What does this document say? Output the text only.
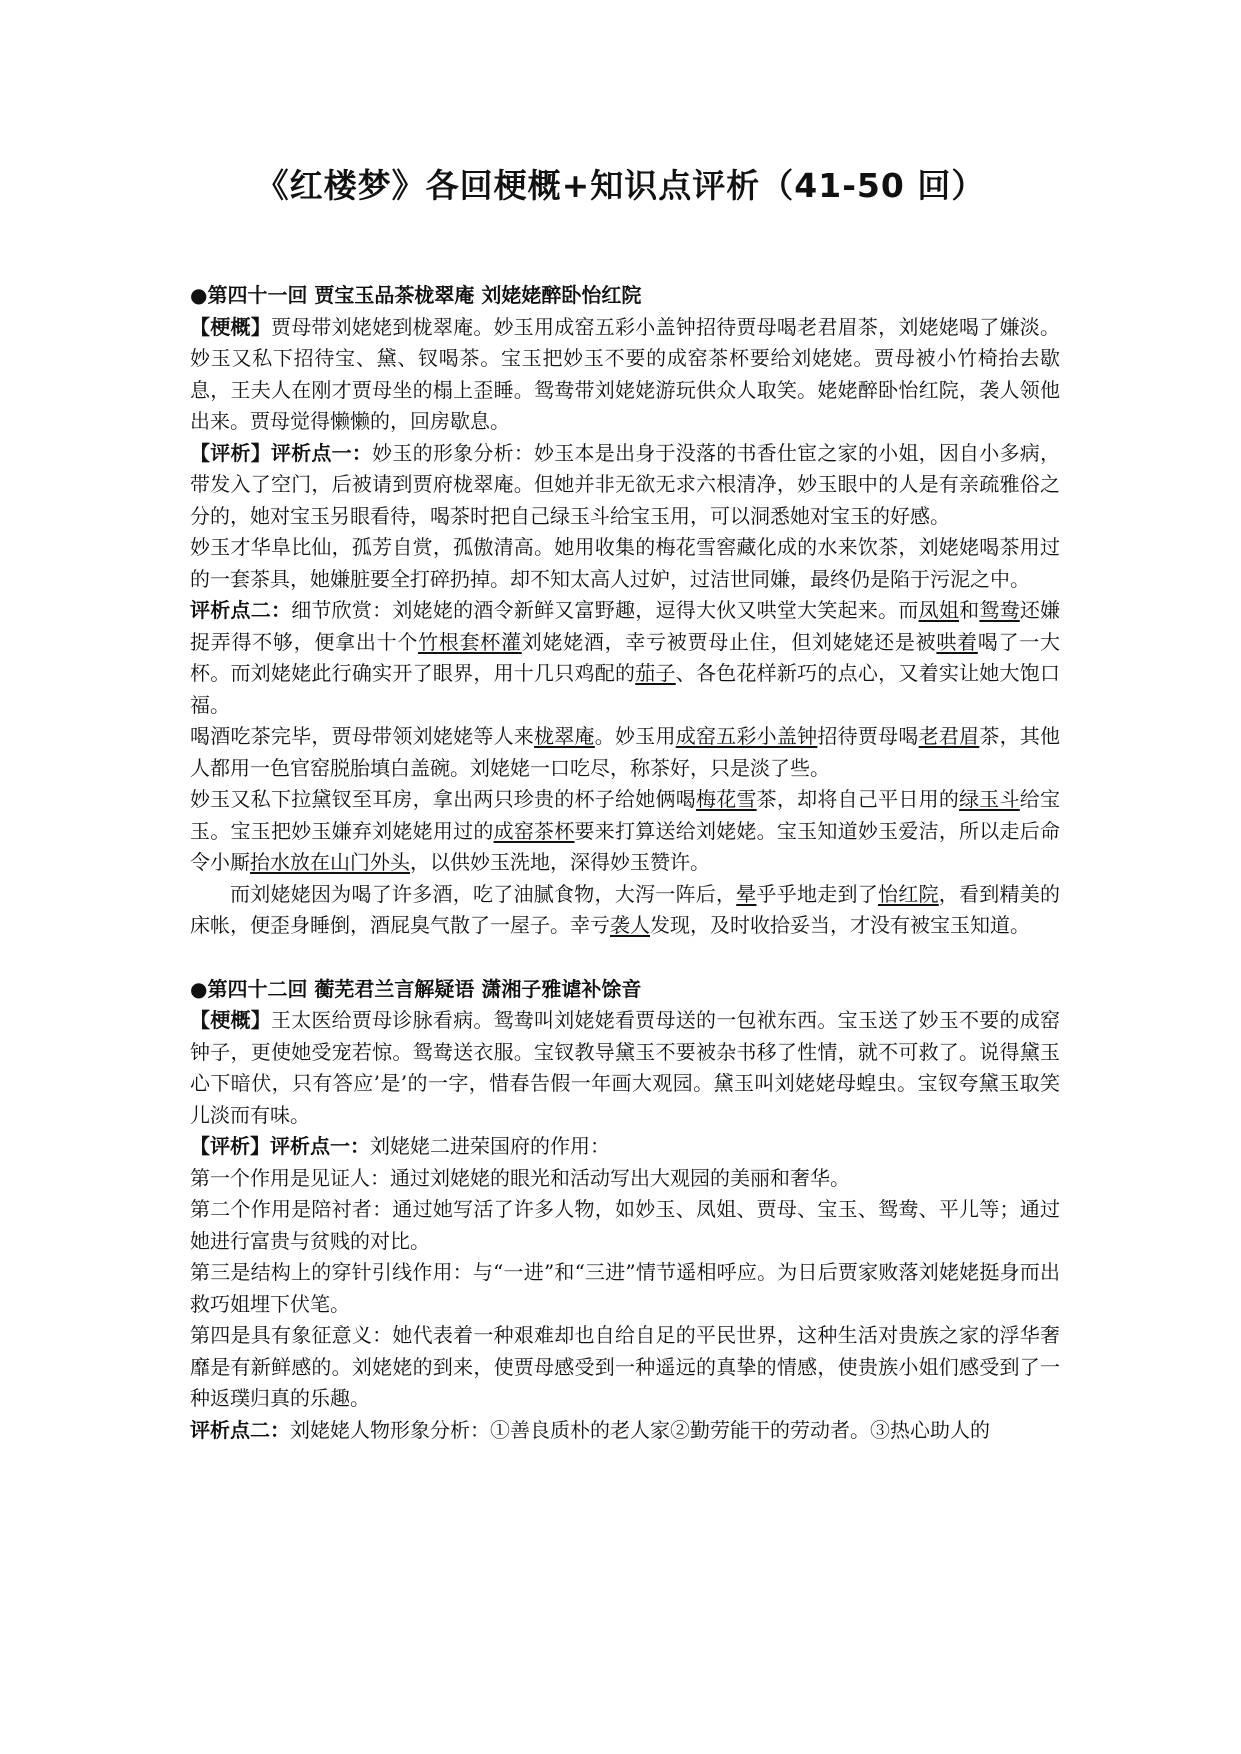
《红楼梦》各回梗概+知识点评析（41-50 回）

●第四十一回 贾宝玉品茶栊翠庵 刘姥姥醉卧怡红院

【梗概】贾母带刘姥姥到栊翠庵。妙玉用成窑五彩小盖钟招待贾母喝老君眉茶，刘姥姥喝了嫌淡。妙玉又私下招待宝、黛、钗喝茶。宝玉把妙玉不要的成窑茶杯要给刘姥姥。贾母被小竹椅抬去歇息，王夫人在刚才贾母坐的榻上歪睡。鸳鸯带刘姥姥游玩供众人取笑。姥姥醉卧怡红院，袭人领他出来。贾母觉得懒懒的，回房歇息。

【评析】评析点一：妙玉的形象分析：妙玉本是出身于没落的书香仕宦之家的小姐，因自小多病，带发入了空门，后被请到贾府栊翠庵。但她并非无欲无求六根清净，妙玉眼中的人是有亲疏雅俗之分的，她对宝玉另眼看待，喝茶时把自己绿玉斗给宝玉用，可以洞悉她对宝玉的好感。

妙玉才华阜比仙，孤芳自赏，孤傲清高。她用收集的梅花雪窖藏化成的水来饮茶，刘姥姥喝茶用过的一套茶具，她嫌脏要全打碎扔掉。却不知太高人过妒，过洁世同嫌，最终仍是陷于污泥之中。

评析点二：细节欣赏：刘姥姥的酒令新鲜又富野趣，逗得大伙又哄堂大笑起来。而凤姐和鸳鸯还嫌捉弄得不够，便拿出十个竹根套杯灌刘姥姥酒，幸亏被贾母止住，但刘姥姥还是被哄着喝了一大杯。而刘姥姥此行确实开了眼界，用十几只鸡配的茄子、各色花样新巧的点心，又着实让她大饱口福。

喝酒吃茶完毕，贾母带领刘姥姥等人来栊翠庵。妙玉用成窑五彩小盖钟招待贾母喝老君眉茶，其他人都用一色官窑脱胎填白盖碗。刘姥姥一口吃尽，称茶好，只是淡了些。

妙玉又私下拉黛钗至耳房，拿出两只珍贵的杯子给她俩喝梅花雪茶，却将自己平日用的绿玉斗给宝玉。宝玉把妙玉嫌弃刘姥姥用过的成窑茶杯要来打算送给刘姥姥。宝玉知道妙玉爱洁，所以走后命令小厮抬水放在山门外头，以供妙玉洗地，深得妙玉赞许。

而刘姥姥因为喝了许多酒，吃了油腻食物，大泻一阵后，晕乎乎地走到了怡红院，看到精美的床帐，便歪身睡倒，酒屁臭气散了一屋子。幸亏袭人发现，及时收拾妥当，才没有被宝玉知道。

●第四十二回 蘅芜君兰言解疑语 潇湘子雅谑补馀音

【梗概】王太医给贾母诊脉看病。鸳鸯叫刘姥姥看贾母送的一包袱东西。宝玉送了妙玉不要的成窑钟子，更使她受宠若惊。鸳鸯送衣服。宝钗教导黛玉不要被杂书移了性情，就不可救了。说得黛玉心下暗伏，只有答应’是’的一字，惜春告假一年画大观园。黛玉叫刘姥姥母蝗虫。宝钗夸黛玉取笑儿淡而有味。

【评析】评析点一：刘姥姥二进荣国府的作用：

第一个作用是见证人：通过刘姥姥的眼光和活动写出大观园的美丽和奢华。

第二个作用是陪衬者：通过她写活了许多人物，如妙玉、凤姐、贾母、宝玉、鸳鸯、平儿等；通过她进行富贵与贫贱的对比。

第三是结构上的穿针引线作用：与“一进”和“三进”情节遥相呼应。为日后贾家败落刘姥姥挺身而出救巧姐埋下伏笔。

第四是具有象征意义：她代表着一种艰难却也自给自足的平民世界，这种生活对贵族之家的浮华奢靡是有新鲜感的。刘姥姥的到来，使贾母感受到一种遥远的真挚的情感，使贵族小姐们感受到了一种返璞归真的乐趣。

评析点二：刘姥姥人物形象分析：①善良质朴的老人家②勤劳能干的劳动者。③热心助人的
